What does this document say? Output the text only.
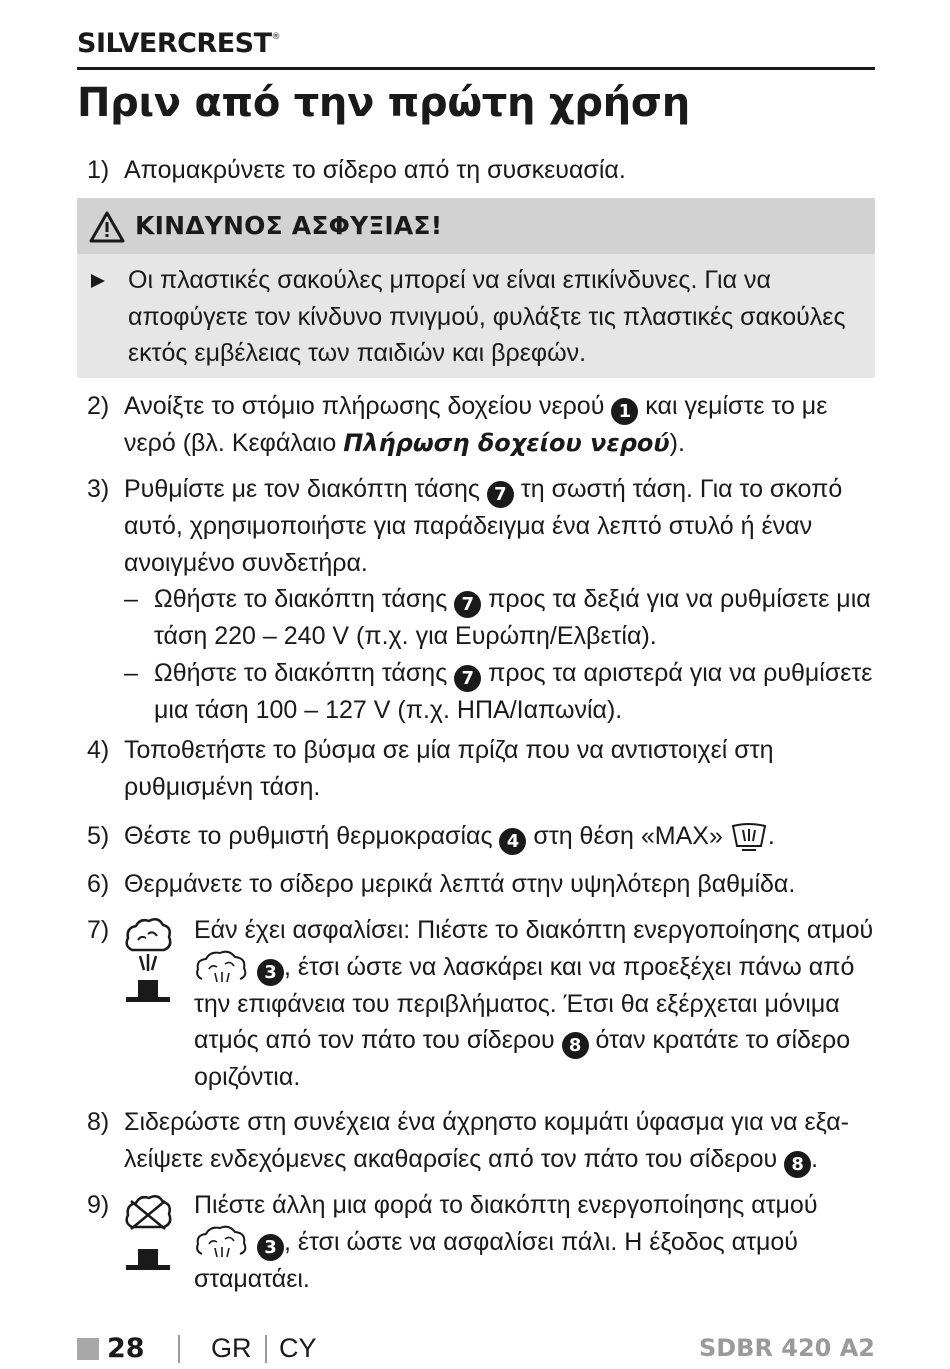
SILVERCREST®
Πριν από την πρώτη χρήση
1) Απομακρύνετε το σίδερο από τη συσκευασία.
ΚΙΝΔΥΝΟΣ ΑΣΦΥΞΙΑΣ!
Οι πλαστικές σακούλες μπορεί να είναι επικίνδυνες. Για να αποφύγετε τον κίνδυνο πνιγμού, φυλάξτε τις πλαστικές σακούλες εκτός εμβέλειας των παιδιών και βρεφών.
2) Ανοίξτε το στόμιο πλήρωσης δοχείου νερού 1 και γεμίστε το με νερό (βλ. Κεφάλαιο Πλήρωση δοχείου νερού).
3) Ρυθμίστε με τον διακόπτη τάσης 7 τη σωστή τάση. Για το σκοπό αυτό, χρησιμοποιήστε για παράδειγμα ένα λεπτό στυλό ή έναν ανοιγμένο συνδετήρα.
– Ωθήστε το διακόπτη τάσης 7 προς τα δεξιά για να ρυθμίσετε μια τάση 220 – 240 V (π.χ. για Ευρώπη/Ελβετία).
– Ωθήστε το διακόπτη τάσης 7 προς τα αριστερά για να ρυθμίσετε μια τάση 100 – 127 V (π.χ. ΗΠΑ/Ιαπωνία).
4) Τοποθετήστε το βύσμα σε μία πρίζα που να αντιστοιχεί στη ρυθμισμένη τάση.
5) Θέστε το ρυθμιστή θερμοκρασίας 4 στη θέση «MAX» .
6) Θερμάνετε το σίδερο μερικά λεπτά στην υψηλότερη βαθμίδα.
7)	Εάν έχει ασφαλίσει: Πιέστε το διακόπτη ενεργοποίησης ατμού  3 , έτσι ώστε να λασκάρει και να προεξέχει πάνω από την επιφάνεια του περιβλήματος. Έτσι θα εξέρχεται μόνιμα ατμός από τον πάτο του σίδερου 8 όταν κρατάτε το σίδερο οριζόντια.
8) Σιδερώστε στη συνέχεια ένα άχρηστο κομμάτι ύφασμα για να εξαλείψετε ενδεχόμενες ακαθαρσίες από τον πάτο του σίδερου 8 .
9)	Πιέστε άλλη μια φορά το διακόπτη ενεργοποίησης ατμού  3 , έτσι ώστε να ασφαλίσει πάλι. Η έξοδος ατμού σταματάει.
28 GR CY	SDBR 420 A2
